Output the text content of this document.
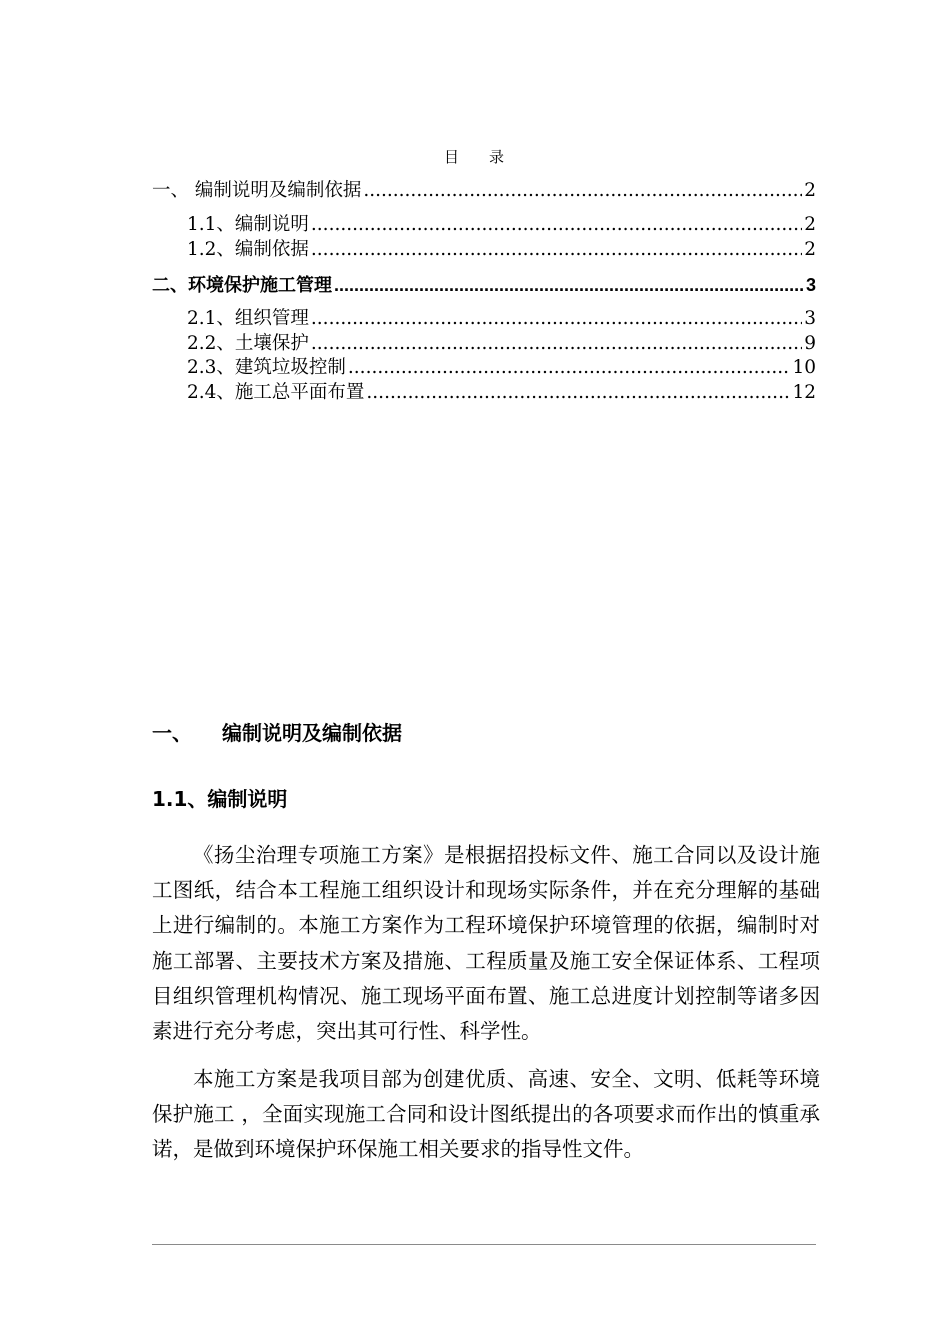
目 录
一、 编制说明及编制依据 .....	2
1.1、编制说明 .....	2
1.2、编制依据 .....	2
二、环境保护施工管理 .....	3
2.1、组织管理 .....	3
2.2、土壤保护 .....	9
2.3、建筑垃圾控制 .....	10
2.4、施工总平面布置 .....	12
一、 编制说明及编制依据
1.1、编制说明
《扬尘治理专项施工方案》是根据招投标文件、施工合同以及设计施工图纸，结合本工程施工组织设计和现场实际条件，并在充分理解的基础上进行编制的。本施工方案作为工程环境保护环境管理的依据，编制时对施工部署、主要技术方案及措施、工程质量及施工安全保证体系、工程项目组织管理机构情况、施工现场平面布置、施工总进度计划控制等诸多因素进行充分考虑，突出其可行性、科学性。
本施工方案是我项目部为创建优质、高速、安全、文明、低耗等环境保护施工 ，全面实现施工合同和设计图纸提出的各项要求而作出的慎重承诺，是做到环境保护环保施工相关要求的指导性文件。
